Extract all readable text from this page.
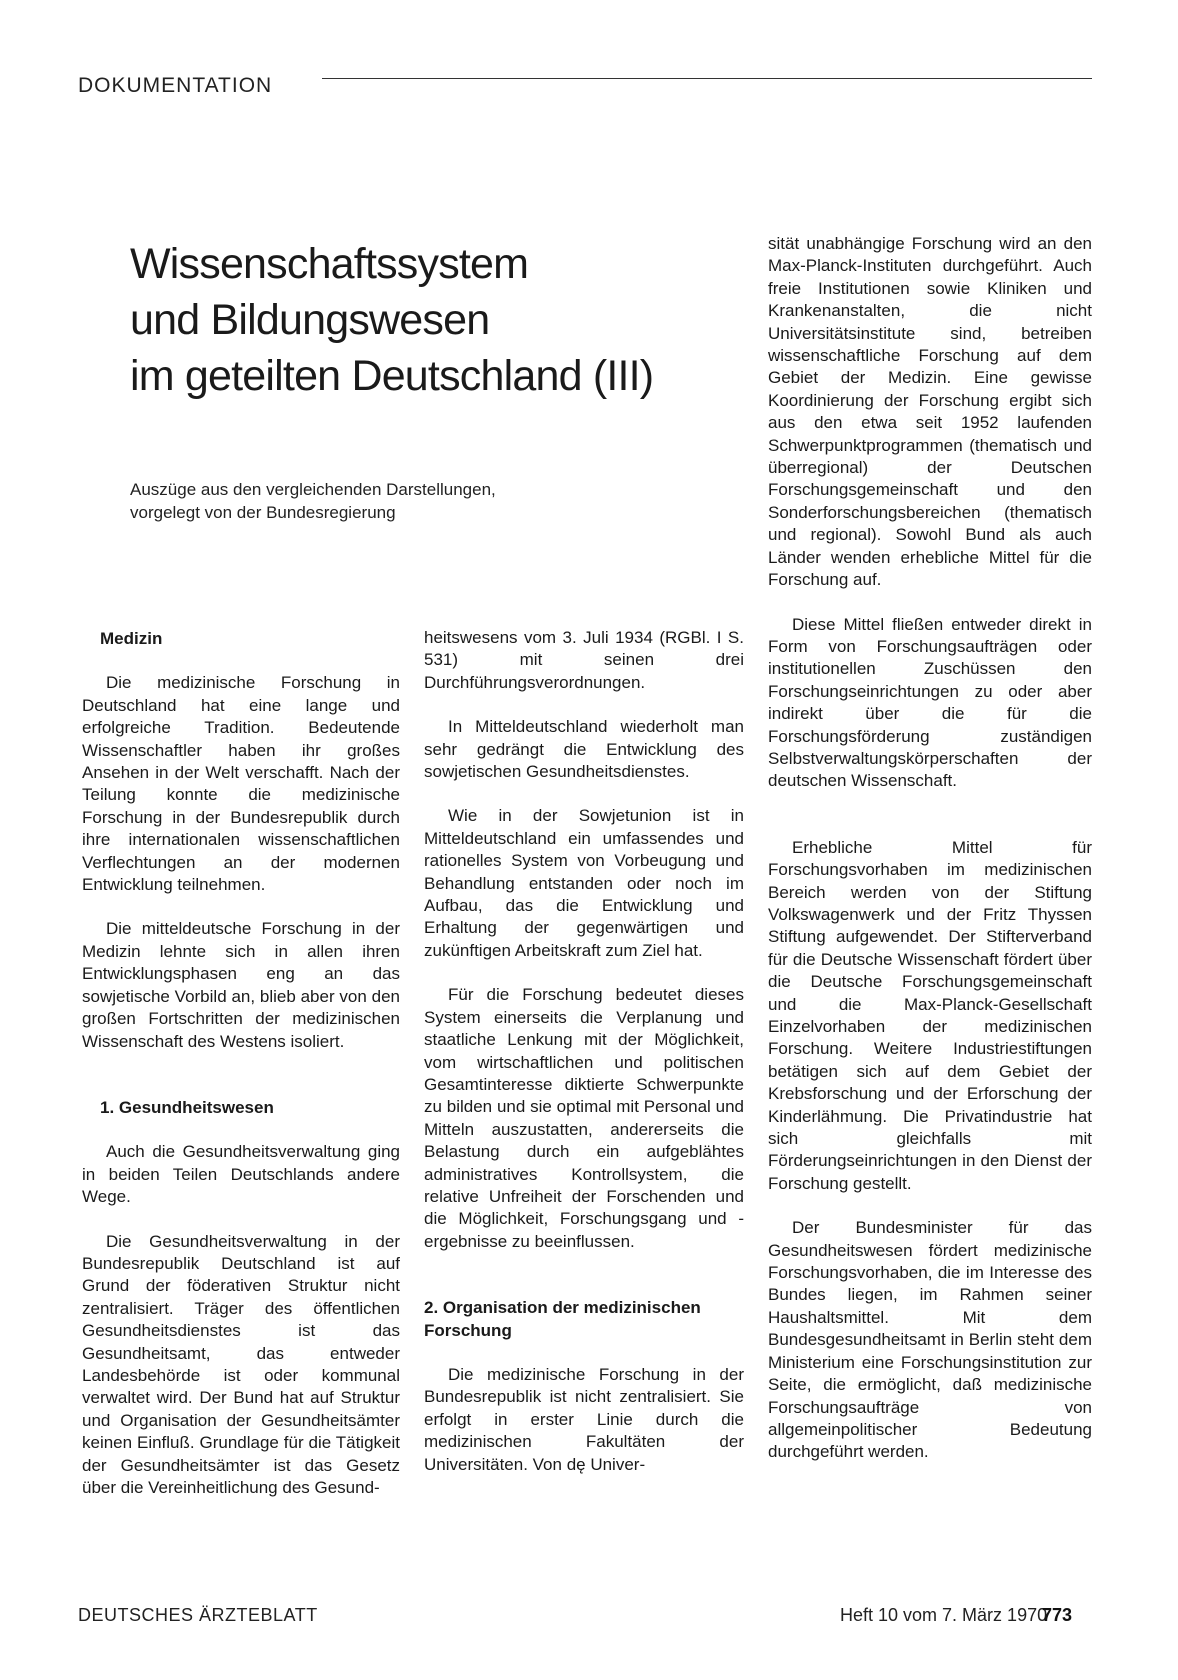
DOKUMENTATION
Wissenschaftssystem
und Bildungswesen
im geteilten Deutschland (III)
Auszüge aus den vergleichenden Darstellungen,
vorgelegt von der Bundesregierung

Medizin

Die medizinische Forschung in Deutschland hat eine lange und erfolgreiche Tradition. Bedeutende Wissenschaftler haben ihr großes Ansehen in der Welt verschafft. Nach der Teilung konnte die medizinische Forschung in der Bundesrepublik durch ihre internationalen wissenschaftlichen Verflechtungen an der modernen Entwicklung teilnehmen.

Die mitteldeutsche Forschung in der Medizin lehnte sich in allen ihren Entwicklungsphasen eng an das sowjetische Vorbild an, blieb aber von den großen Fortschritten der medizinischen Wissenschaft des Westens isoliert.

1. Gesundheitswesen

Auch die Gesundheitsverwaltung ging in beiden Teilen Deutschlands andere Wege.

Die Gesundheitsverwaltung in der Bundesrepublik Deutschland ist auf Grund der föderativen Struktur nicht zentralisiert. Träger des öffentlichen Gesundheitsdienstes ist das Gesundheitsamt, das entweder Landesbehörde ist oder kommunal verwaltet wird. Der Bund hat auf Struktur und Organisation der Gesundheitsämter keinen Einfluß. Grundlage für die Tätigkeit der Gesundheitsämter ist das Gesetz über die Vereinheitlichung des Gesund-

heitswesens vom 3. Juli 1934 (RGBl. I S. 531) mit seinen drei Durchführungsverordnungen.

In Mitteldeutschland wiederholt man sehr gedrängt die Entwicklung des sowjetischen Gesundheitsdienstes.

Wie in der Sowjetunion ist in Mitteldeutschland ein umfassendes und rationelles System von Vorbeugung und Behandlung entstanden oder noch im Aufbau, das die Entwicklung und Erhaltung der gegenwärtigen und zukünftigen Arbeitskraft zum Ziel hat.

Für die Forschung bedeutet dieses System einerseits die Verplanung und staatliche Lenkung mit der Möglichkeit, vom wirtschaftlichen und politischen Gesamtinteresse diktierte Schwerpunkte zu bilden und sie optimal mit Personal und Mitteln auszustatten, andererseits die Belastung durch ein aufgeblähtes administratives Kontrollsystem, die relative Unfreiheit der Forschenden und die Möglichkeit, Forschungsgang und -ergebnisse zu beeinflussen.

2. Organisation der medizinischen Forschung

Die medizinische Forschung in der Bundesrepublik ist nicht zentralisiert. Sie erfolgt in erster Linie durch die medizinischen Fakultäten der Universitäten. Von dę Univer-

sität unabhängige Forschung wird an den Max-Planck-Instituten durchgeführt. Auch freie Institutionen sowie Kliniken und Krankenanstalten, die nicht Universitätsinstitute sind, betreiben wissenschaftliche Forschung auf dem Gebiet der Medizin. Eine gewisse Koordinierung der Forschung ergibt sich aus den etwa seit 1952 laufenden Schwerpunktprogrammen (thematisch und überregional) der Deutschen Forschungsgemeinschaft und den Sonderforschungsbereichen (thematisch und regional). Sowohl Bund als auch Länder wenden erhebliche Mittel für die Forschung auf.

Diese Mittel fließen entweder direkt in Form von Forschungsaufträgen oder institutionellen Zuschüssen den Forschungseinrichtungen zu oder aber indirekt über die für die Forschungsförderung zuständigen Selbstverwaltungskörperschaften der deutschen Wissenschaft.

Erhebliche Mittel für Forschungsvorhaben im medizinischen Bereich werden von der Stiftung Volkswagenwerk und der Fritz Thyssen Stiftung aufgewendet. Der Stifterverband für die Deutsche Wissenschaft fördert über die Deutsche Forschungsgemeinschaft und die Max-Planck-Gesellschaft Einzelvorhaben der medizinischen Forschung. Weitere Industriestiftungen betätigen sich auf dem Gebiet der Krebsforschung und der Erforschung der Kinderlähmung. Die Privatindustrie hat sich gleichfalls mit Förderungseinrichtungen in den Dienst der Forschung gestellt.

Der Bundesminister für das Gesundheitswesen fördert medizinische Forschungsvorhaben, die im Interesse des Bundes liegen, im Rahmen seiner Haushaltsmittel. Mit dem Bundesgesundheitsamt in Berlin steht dem Ministerium eine Forschungsinstitution zur Seite, die ermöglicht, daß medizinische Forschungsaufträge von allgemeinpolitischer Bedeutung durchgeführt werden.

DEUTSCHES ÄRZTEBLATT	Heft 10 vom 7. März 1970
773
